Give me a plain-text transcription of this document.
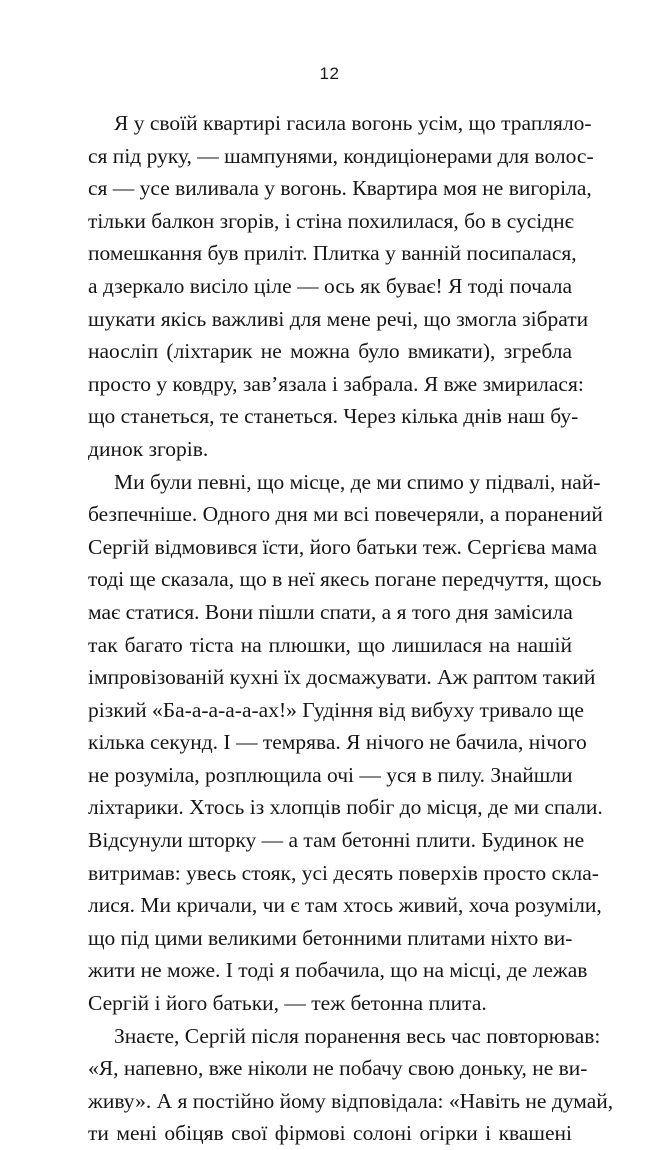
12
Я у своїй квартирі гасила вогонь усім, що траплялo-
ся під руку, — шампунями, кондиціонерами для волос-
ся — усе виливала у вогонь. Квартира моя не вигоріла,
тільки балкон згорів, і стіна похилилася, бо в сусіднє
помешкання був приліт. Плитка у ванній посипалася,
а дзеркало висіло ціле — ось як буває! Я тоді почала
шукати якісь важливі для мене речі, що змогла зібрати
наосліп (ліхтарик не можна було вмикати), згребла
просто у ковдру, зав’язала і забрала. Я вже змирилася:
що станеться, те станеться. Через кілька днів наш бу-
динок згорів.
Ми були певні, що місце, де ми спимо у підвалі, най-
безпечніше. Одного дня ми всі повечеряли, а поранений
Сергій відмовився їсти, його батьки теж. Сергієва мама
тоді ще сказала, що в неї якесь погане передчуття, щось
має статися. Вони пішли спати, а я того дня замісила
так багато тіста на плюшки, що лишилася на нашій
імпровізованій кухні їх досмажувати. Аж раптом такий
різкий «Ба-а-а-а-а-ах!» Гудіння від вибуху тривало ще
кілька секунд. І — темрява. Я нічого не бачила, нічого
не розуміла, розплющила очі — уся в пилу. Знайшли
ліхтарики. Хтось із хлопців побіг до місця, де ми спали.
Відсунули шторку — а там бетонні плити. Будинок не
витримав: увесь стояк, усі десять поверхів просто скла-
лися. Ми кричали, чи є там хтось живий, хоча розуміли,
що під цими великими бетонними плитами ніхто ви-
жити не може. І тоді я побачила, що на місці, де лежав
Сергій і його батьки, — теж бетонна плита.
Знаєте, Сергій після поранення весь час повторював:
«Я, напевно, вже ніколи не побачу свою доньку, не ви-
живу». А я постійно йому відповідала: «Навіть не думай,
ти мені обіцяв свої фірмові солоні огірки і квашені
